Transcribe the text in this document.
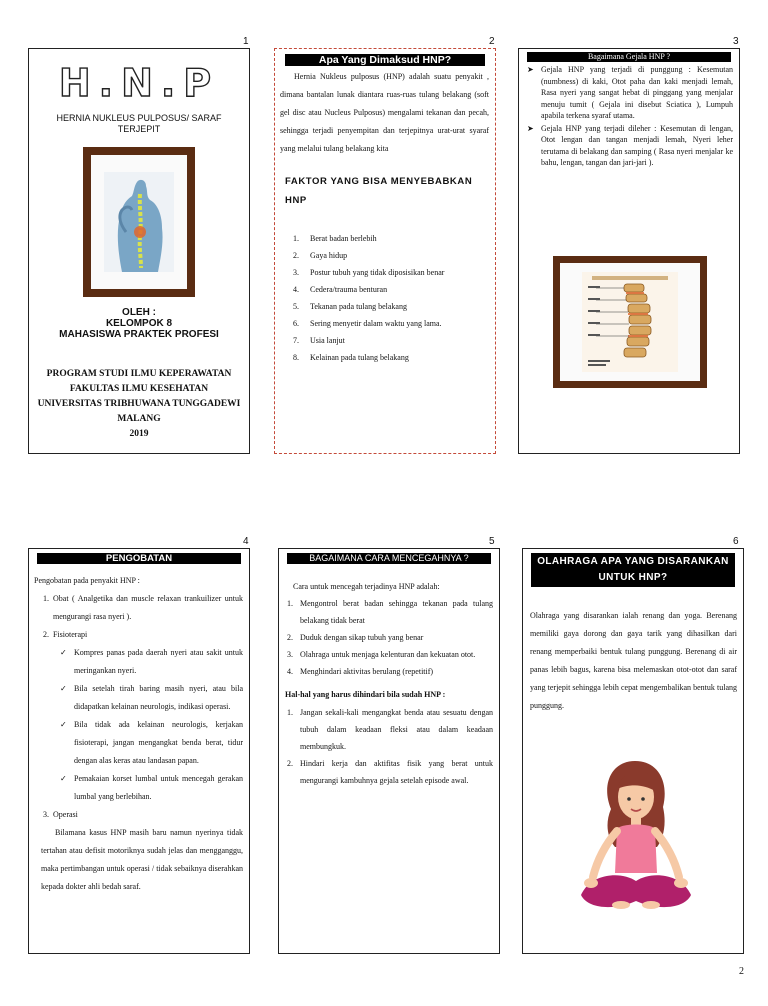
1	2	3
4	5	6
H.N.P
HERNIA NUKLEUS PULPOSUS/ SARAF TERJEPIT
OLEH :
KELOMPOK 8
MAHASISWA PRAKTEK PROFESI
PROGRAM STUDI ILMU KEPERAWATAN
FAKULTAS ILMU KESEHATAN
UNIVERSITAS TRIBHUWANA TUNGGADEWI
MALANG
2019
Apa Yang Dimaksud HNP?

Hernia Nukleus pulposus (HNP) adalah suatu penyakit , dimana bantalan lunak diantara ruas-ruas tulang belakang (soft gel disc atau Nucleus Pulposus) mengalami tekanan dan pecah, sehingga terjadi penyempitan dan terjepitnya urat-urat syaraf yang melalui tulang belakang kita

FAKTOR YANG BISA MENYEBABKAN HNP
1.	Berat badan berlebih
2.	Gaya hidup
3.	Postur tubuh yang tidak diposisikan benar
4.	Cedera/trauma benturan
5.	Tekanan pada tulang belakang
6.	Sering menyetir dalam waktu yang lama.
7.	Usia lanjut
8.	Kelainan pada tulang belakang
Bagaimana Gejala HNP ?
➤ Gejala HNP yang terjadi di punggung : Kesemutan (numbness) di kaki, Otot paha dan kaki menjadi lemah, Rasa nyeri yang sangat hebat di pinggang yang menjalar menuju tumit ( Gejala ini disebut Sciatica ), Lumpuh apabila terkena syaraf utama.
➤ Gejala HNP yang terjadi dileher : Kesemutan di lengan, Otot lengan dan tangan menjadi lemah, Nyeri leher terutama di belakang dan samping ( Rasa nyeri menjalar ke bahu, lengan, tangan dan jari-jari ).
PENGOBATAN
Pengobatan pada penyakit HNP :
1. Obat ( Analgetika dan muscle relaxan trankuilizer untuk mengurangi rasa nyeri ).
2. Fisioterapi
✓ Kompres panas pada daerah nyeri atau sakit untuk meringankan nyeri.
✓ Bila setelah tirah baring masih nyeri, atau bila didapatkan kelainan neurologis, indikasi operasi.
✓ Bila tidak ada kelainan neurologis, kerjakan fisioterapi, jangan mengangkat benda berat, tidur dengan alas keras atau landasan papan.
✓ Pemakaian korset lumbal untuk mencegah gerakan lumbal yang berlebihan.
3. Operasi

Bilamana kasus HNP masih baru namun nyerinya tidak tertahan atau defisit motoriknya sudah jelas dan mengganggu, maka pertimbangan untuk operasi / tidak sebaiknya diserahkan kepada dokter ahli bedah saraf.

BAGAIMANA CARA MENCEGAHNYA ?
Cara untuk mencegah terjadinya HNP adalah:
1. Mengontrol berat badan sehingga tekanan pada tulang belakang tidak berat
2. Duduk dengan sikap tubuh yang benar
3. Olahraga untuk menjaga kelenturan dan kekuatan otot.
4. Menghindari aktivitas berulang (repetitif)
Hal-hal yang harus dihindari bila sudah HNP :
1. Jangan sekali-kali mengangkat benda atau sesuatu dengan tubuh dalam keadaan fleksi atau dalam keadaan membungkuk.
2. Hindari kerja dan aktifitas fisik yang berat untuk mengurangi kambuhnya gejala setelah episode awal.
OLAHRAGA APA YANG DISARANKAN UNTUK HNP?

Olahraga yang disarankan ialah renang dan yoga. Berenang memiliki gaya dorong dan gaya tarik yang dihasilkan dari renang memperbaiki bentuk tulang punggung. Berenang di air panas lebih bagus, karena bisa melemaskan otot-otot dan saraf yang terjepit sehingga lebih cepat mengembalikan bentuk tulang punggung.

2
